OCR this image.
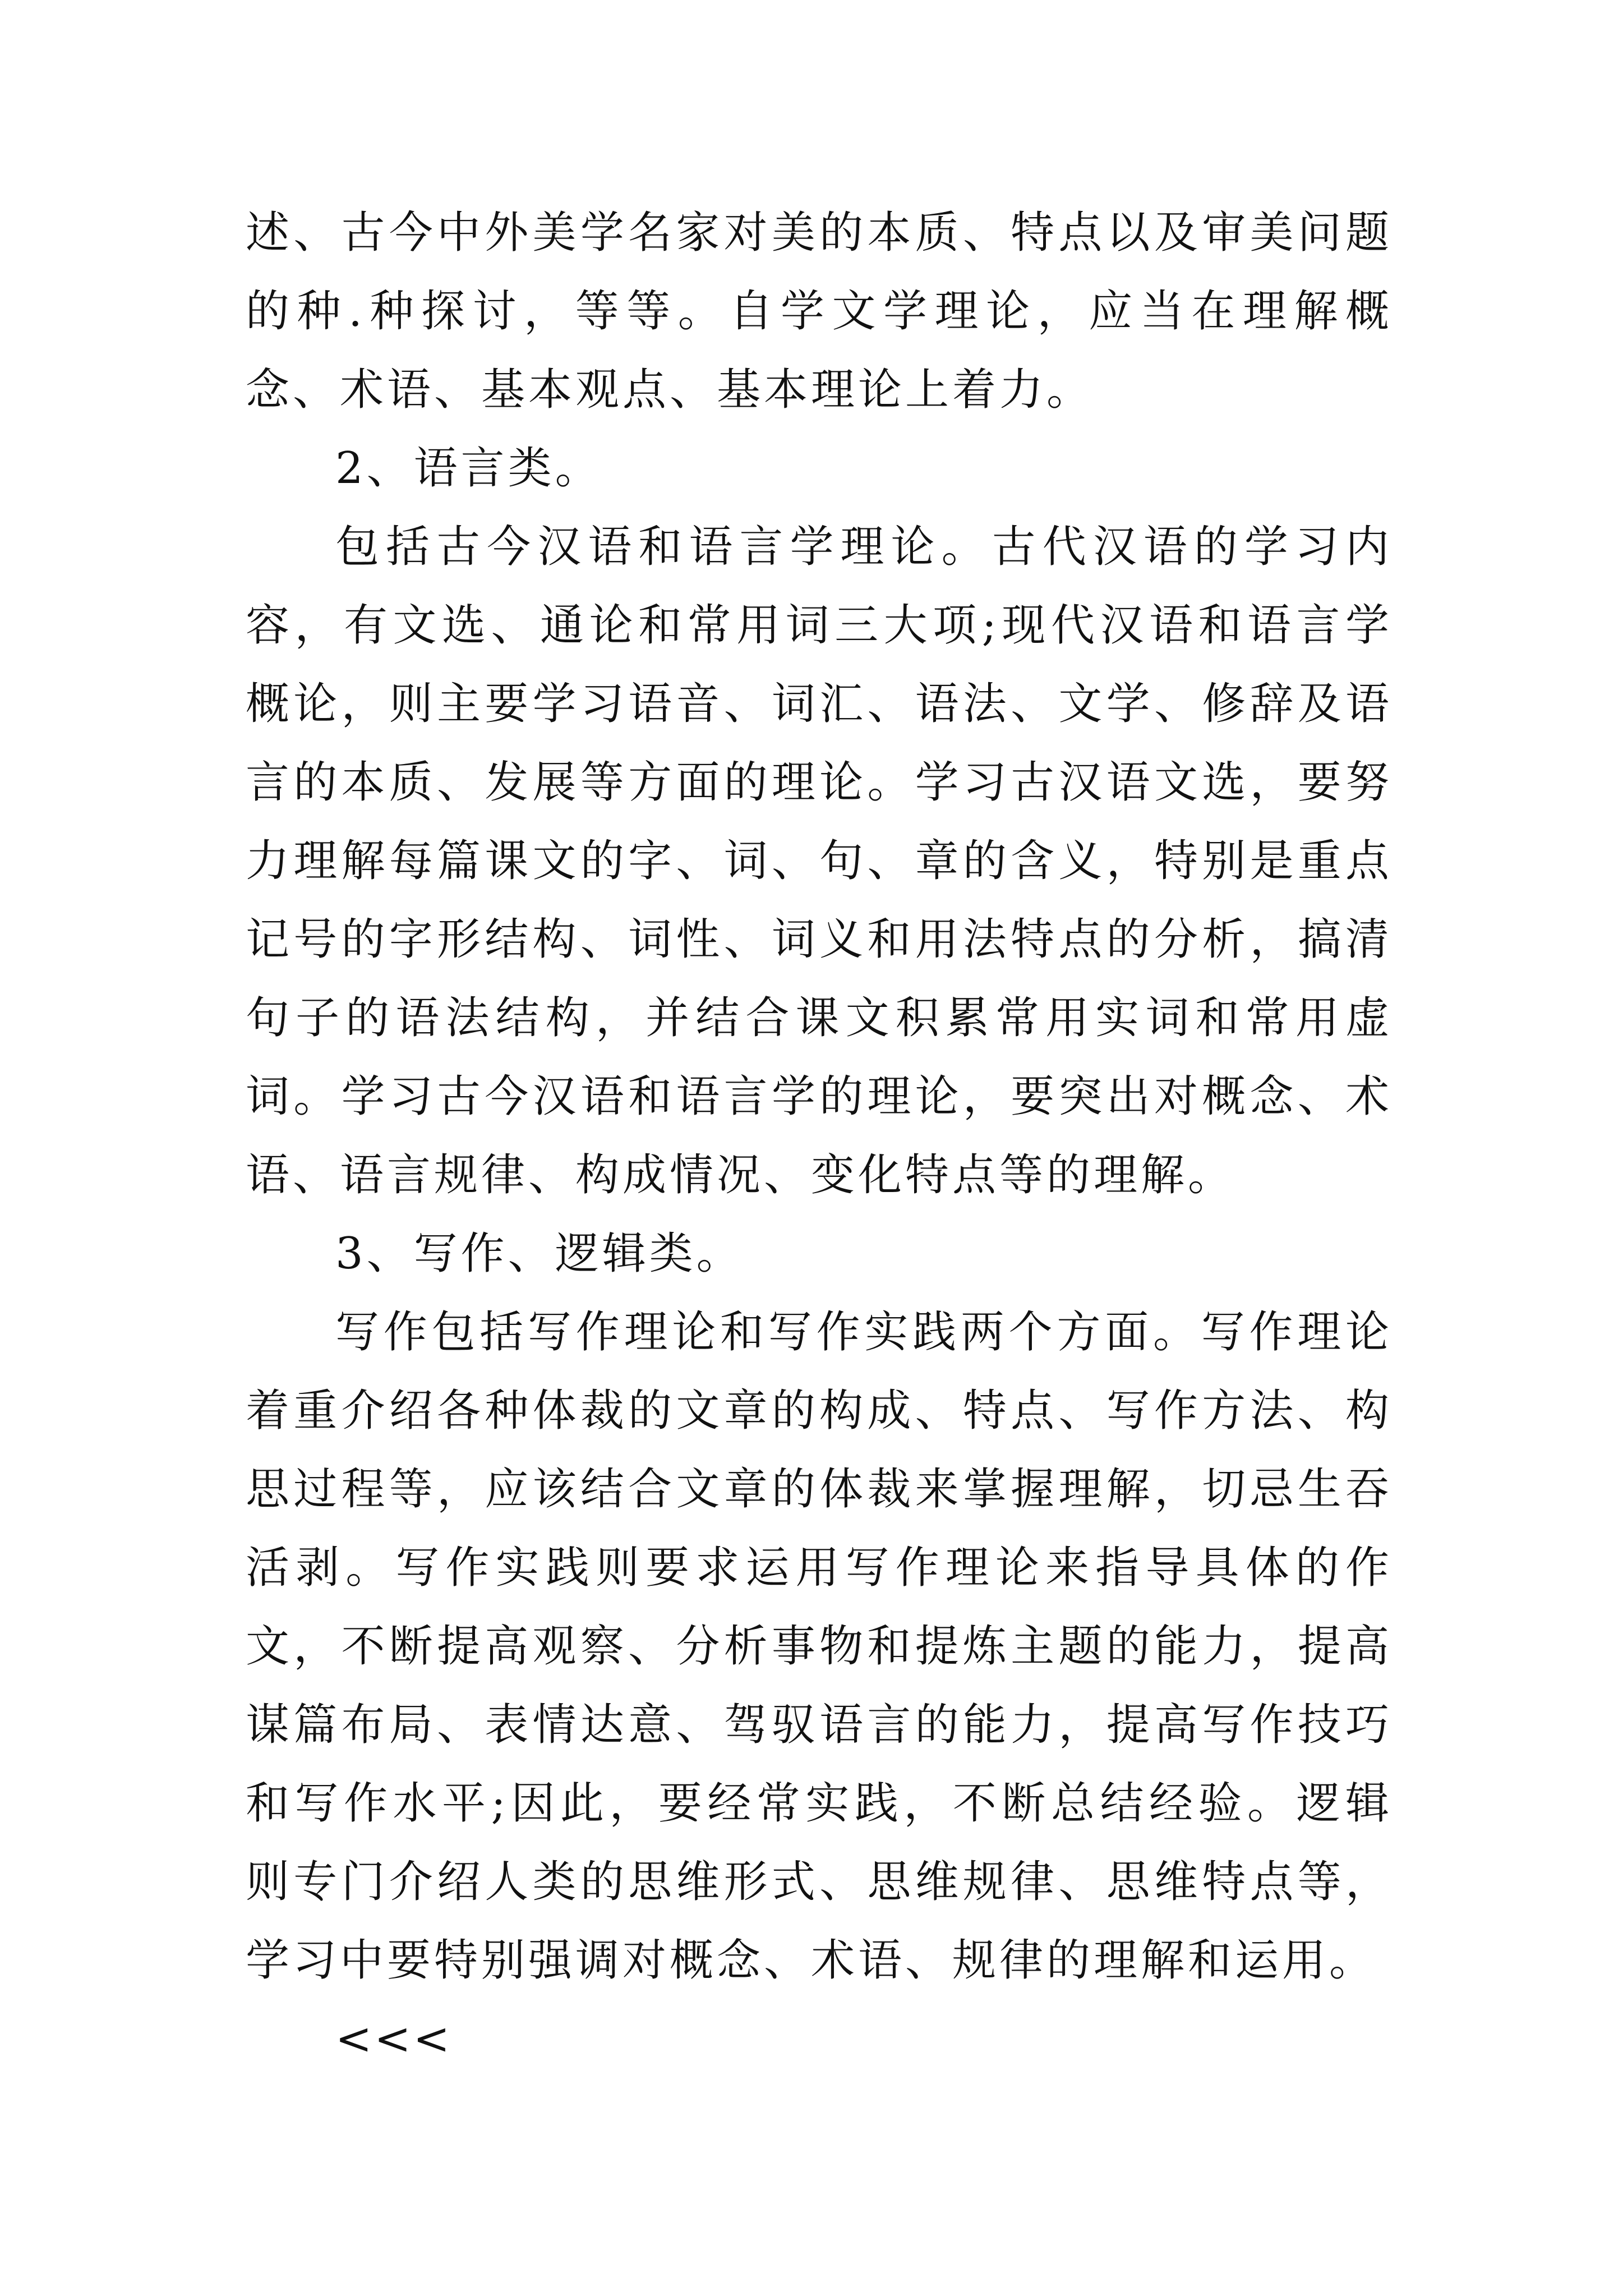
述、古今中外美学名家对美的本质、特点以及审美问题的种.种探讨，等等。自学文学理论，应当在理解概念、术语、基本观点、基本理论上着力。

2、语言类。

包括古今汉语和语言学理论。古代汉语的学习内容，有文选、通论和常用词三大项;现代汉语和语言学概论，则主要学习语音、词汇、语法、文学、修辞及语言的本质、发展等方面的理论。学习古汉语文选，要努力理解每篇课文的字、词、句、章的含义，特别是重点记号的字形结构、词性、词义和用法特点的分析，搞清句子的语法结构，并结合课文积累常用实词和常用虚词。学习古今汉语和语言学的理论，要突出对概念、术语、语言规律、构成情况、变化特点等的理解。

3、写作、逻辑类。

写作包括写作理论和写作实践两个方面。写作理论着重介绍各种体裁的文章的构成、特点、写作方法、构思过程等，应该结合文章的体裁来掌握理解，切忌生吞活剥。写作实践则要求运用写作理论来指导具体的作文，不断提高观察、分析事物和提炼主题的能力，提高谋篇布局、表情达意、驾驭语言的能力，提高写作技巧和写作水平;因此，要经常实践，不断总结经验。逻辑则专门介绍人类的思维形式、思维规律、思维特点等，学习中要特别强调对概念、术语、规律的理解和运用。

<<<
